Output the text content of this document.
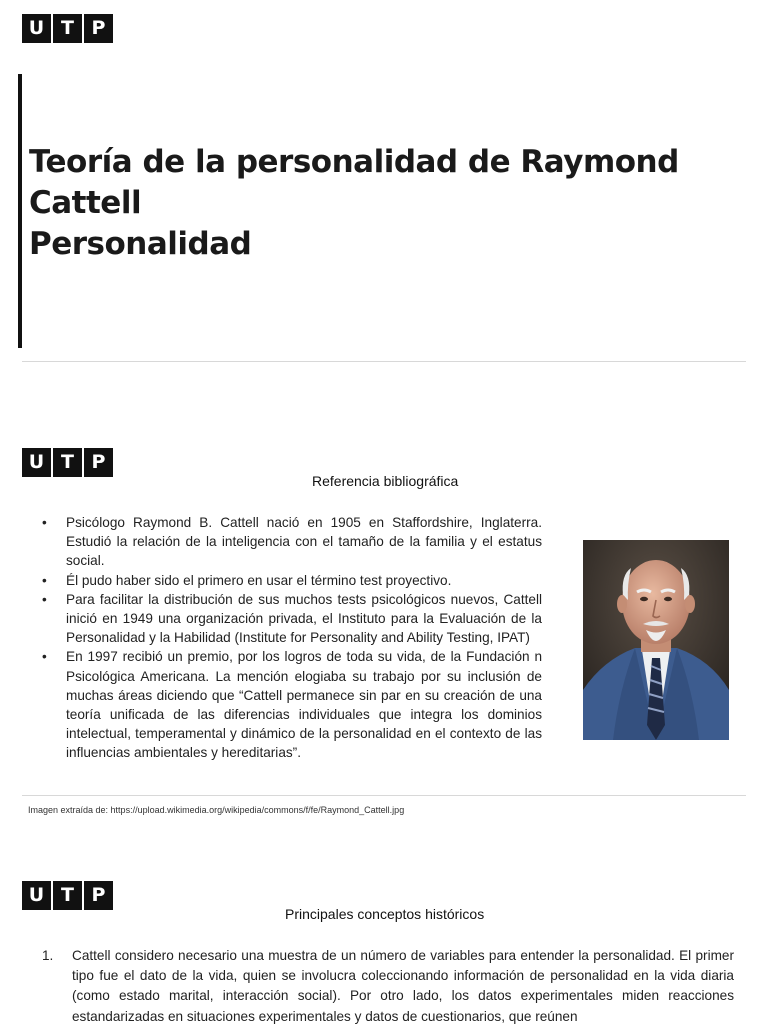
U T P
Teoría de la personalidad de Raymond
Cattell
Personalidad
U T P
Referencia bibliográfica
• Psicólogo Raymond B. Cattell nació en 1905 en Staffordshire, Inglaterra. Estudió la relación de la inteligencia con el tamaño de la familia y el estatus social.
• Él pudo haber sido el primero en usar el término test proyectivo.
• Para facilitar la distribución de sus muchos tests psicológicos nuevos, Cattell inició en 1949 una organización privada, el Instituto para la Evaluación de la Personalidad y la Habilidad (Institute for Personality and Ability Testing, IPAT)
• En 1997 recibió un premio, por los logros de toda su vida, de la Fundación n Psicológica Americana. La mención elogiaba su trabajo por su inclusión de muchas áreas diciendo que “Cattell permanece sin par en su creación de una teoría unificada de las diferencias individuales que integra los dominios intelectual, temperamental y dinámico de la personalidad en el contexto de las influencias ambientales y hereditarias”.
Imagen extraída de: https://upload.wikimedia.org/wikipedia/commons/f/fe/Raymond_Cattell.jpg
U T P
Principales conceptos históricos
1. Cattell considero necesario una muestra de un número de variables para entender la personalidad. El primer tipo fue el dato de la vida, quien se involucra coleccionando información de personalidad en la vida diaria (como estado marital, interacción social). Por otro lado, los datos experimentales miden reacciones estandarizadas en situaciones experimentales y datos de cuestionarios, que reúnen
